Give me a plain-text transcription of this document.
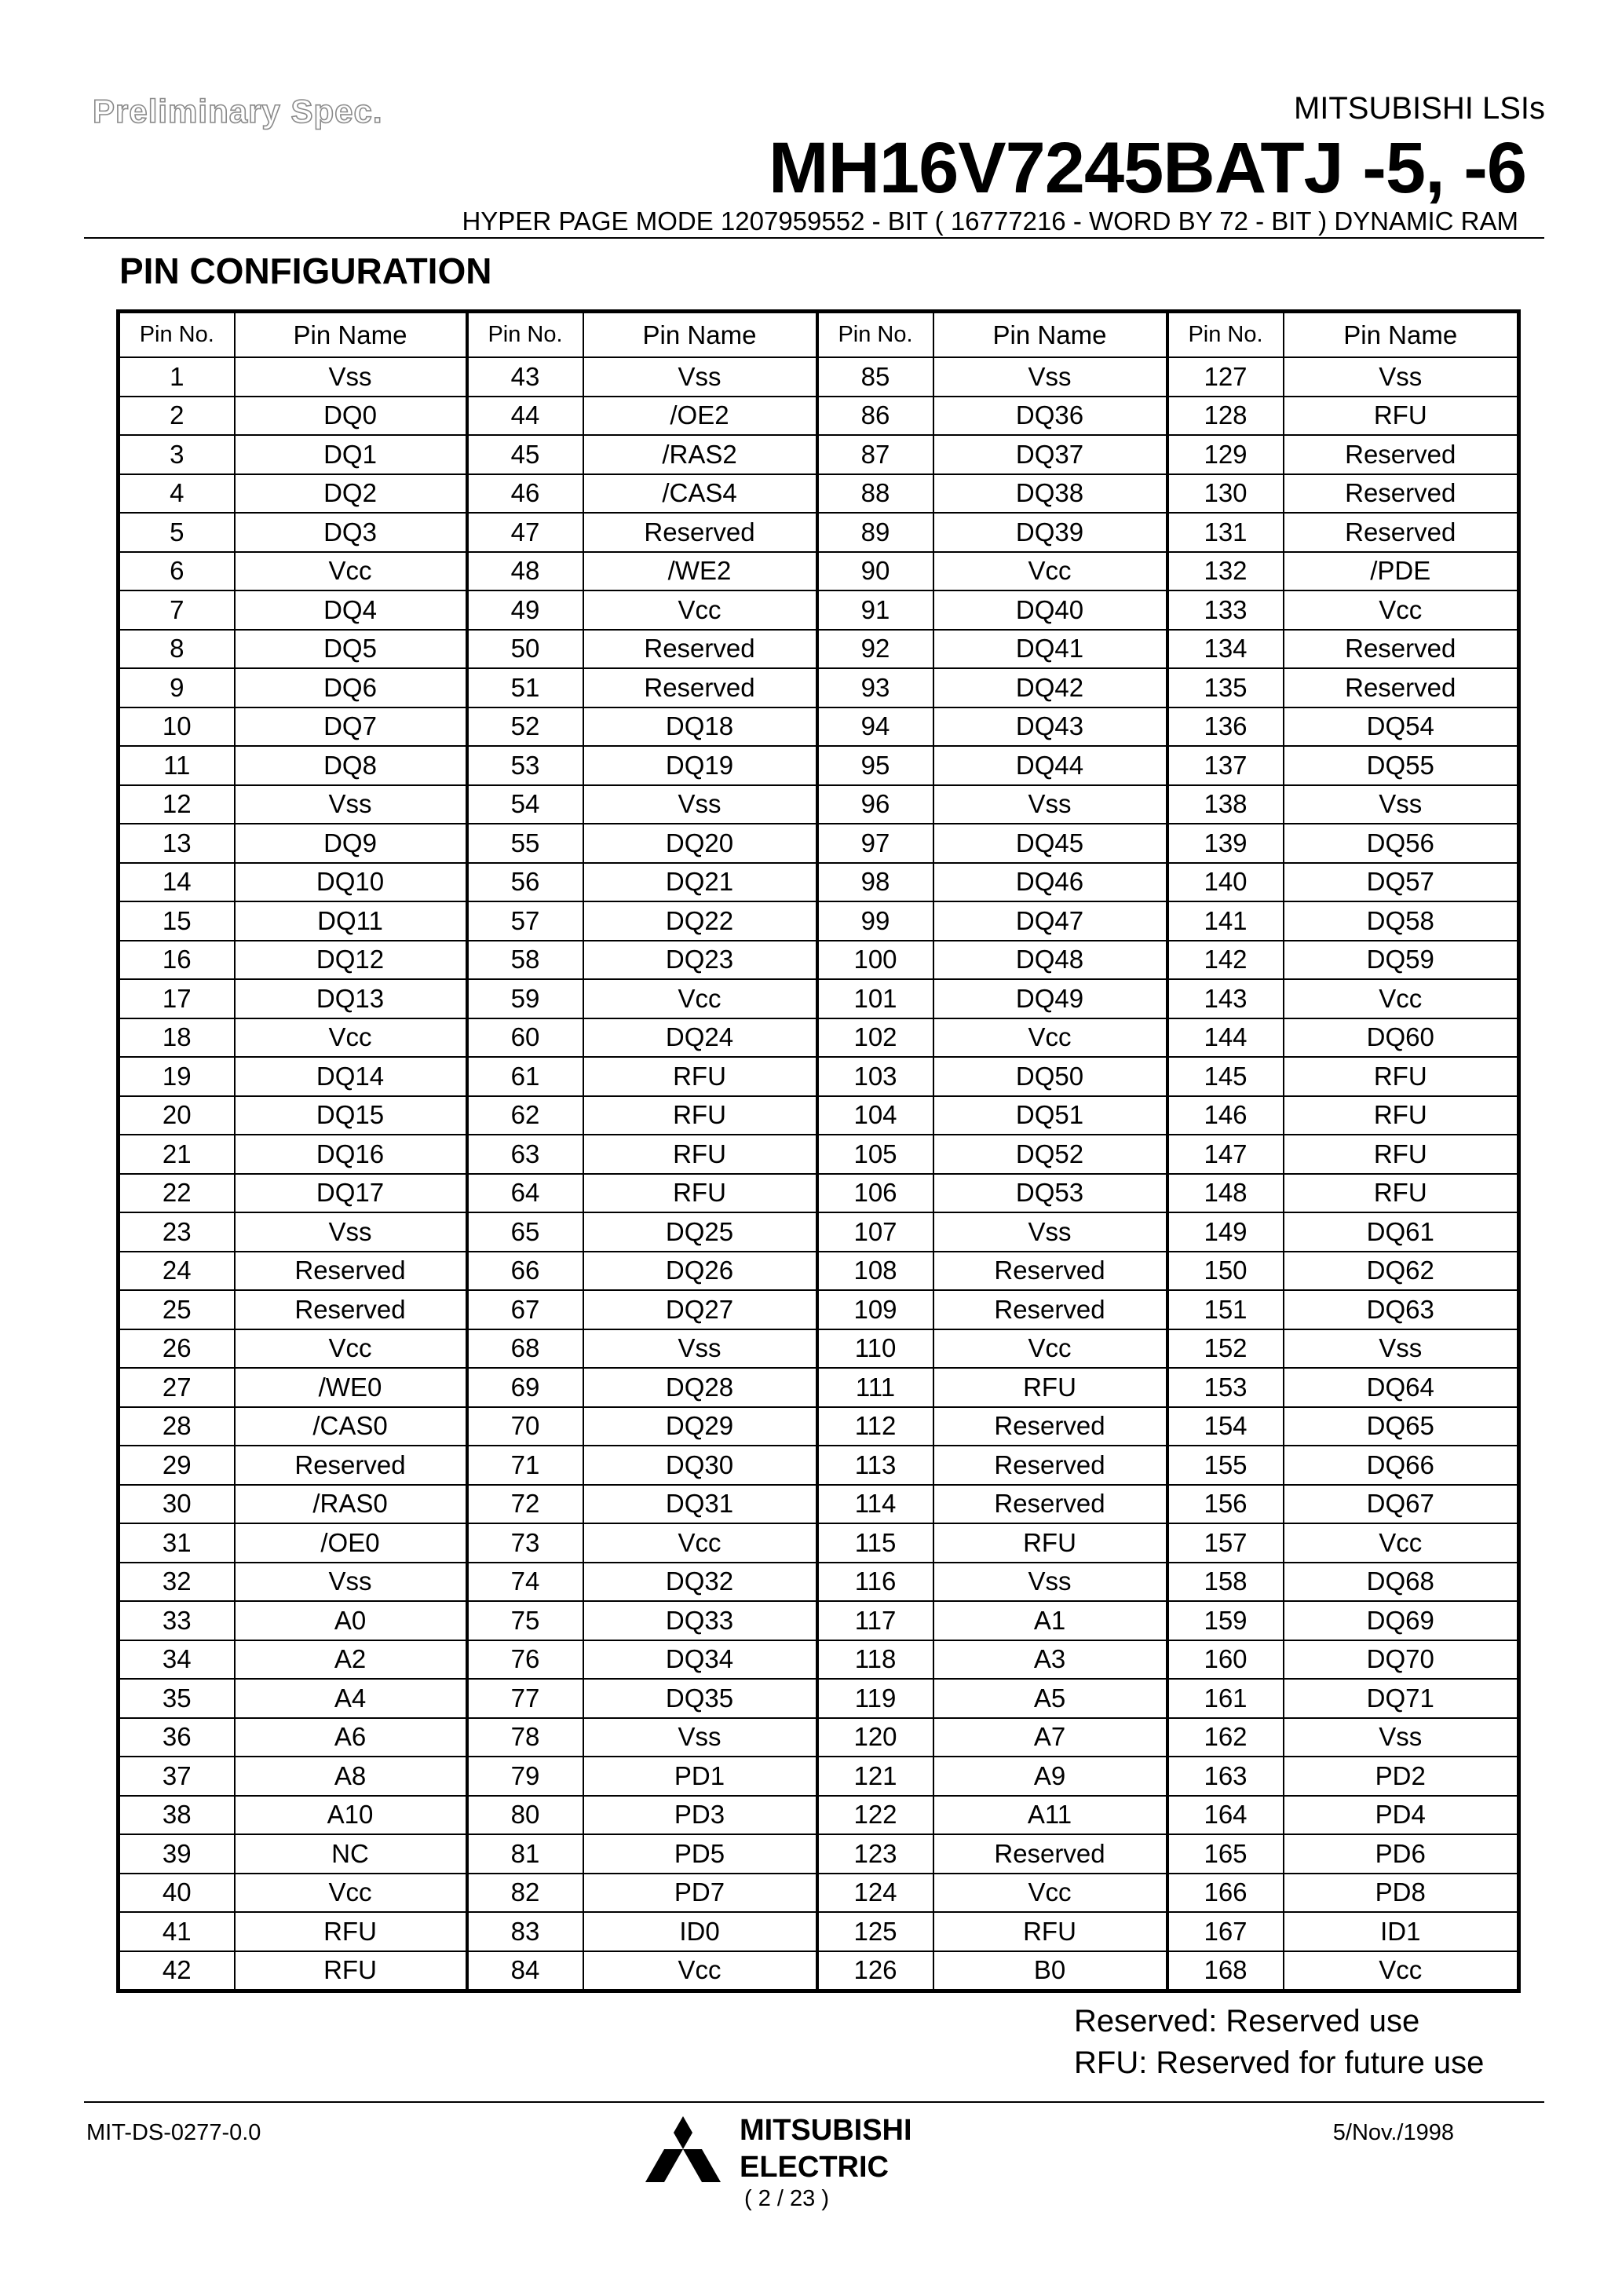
Preliminary Spec.	MITSUBISHI LSIs
MH16V7245BATJ -5, -6
HYPER PAGE MODE 1207959552 - BIT ( 16777216 - WORD BY 72 - BIT ) DYNAMIC RAM
PIN CONFIGURATION
Pin No.	Pin Name	Pin No.	Pin Name	Pin No.	Pin Name	Pin No.	Pin Name
1	Vss	43	Vss	85	Vss	127	Vss
2	DQ0	44	/OE2	86	DQ36	128	RFU
3	DQ1	45	/RAS2	87	DQ37	129	Reserved
4	DQ2	46	/CAS4	88	DQ38	130	Reserved
5	DQ3	47	Reserved	89	DQ39	131	Reserved
6	Vcc	48	/WE2	90	Vcc	132	/PDE
7	DQ4	49	Vcc	91	DQ40	133	Vcc
8	DQ5	50	Reserved	92	DQ41	134	Reserved
9	DQ6	51	Reserved	93	DQ42	135	Reserved
10	DQ7	52	DQ18	94	DQ43	136	DQ54
11	DQ8	53	DQ19	95	DQ44	137	DQ55
12	Vss	54	Vss	96	Vss	138	Vss
13	DQ9	55	DQ20	97	DQ45	139	DQ56
14	DQ10	56	DQ21	98	DQ46	140	DQ57
15	DQ11	57	DQ22	99	DQ47	141	DQ58
16	DQ12	58	DQ23	100	DQ48	142	DQ59
17	DQ13	59	Vcc	101	DQ49	143	Vcc
18	Vcc	60	DQ24	102	Vcc	144	DQ60
19	DQ14	61	RFU	103	DQ50	145	RFU
20	DQ15	62	RFU	104	DQ51	146	RFU
21	DQ16	63	RFU	105	DQ52	147	RFU
22	DQ17	64	RFU	106	DQ53	148	RFU
23	Vss	65	DQ25	107	Vss	149	DQ61
24	Reserved	66	DQ26	108	Reserved	150	DQ62
25	Reserved	67	DQ27	109	Reserved	151	DQ63
26	Vcc	68	Vss	110	Vcc	152	Vss
27	/WE0	69	DQ28	111	RFU	153	DQ64
28	/CAS0	70	DQ29	112	Reserved	154	DQ65
29	Reserved	71	DQ30	113	Reserved	155	DQ66
30	/RAS0	72	DQ31	114	Reserved	156	DQ67
31	/OE0	73	Vcc	115	RFU	157	Vcc
32	Vss	74	DQ32	116	Vss	158	DQ68
33	A0	75	DQ33	117	A1	159	DQ69
34	A2	76	DQ34	118	A3	160	DQ70
35	A4	77	DQ35	119	A5	161	DQ71
36	A6	78	Vss	120	A7	162	Vss
37	A8	79	PD1	121	A9	163	PD2
38	A10	80	PD3	122	A11	164	PD4
39	NC	81	PD5	123	Reserved	165	PD6
40	Vcc	82	PD7	124	Vcc	166	PD8
41	RFU	83	ID0	125	RFU	167	ID1
42	RFU	84	Vcc	126	B0	168	Vcc
Reserved: Reserved use
RFU: Reserved for future use
MIT-DS-0277-0.0	MITSUBISHI
ELECTRIC
( 2 / 23 )
5/Nov./1998
